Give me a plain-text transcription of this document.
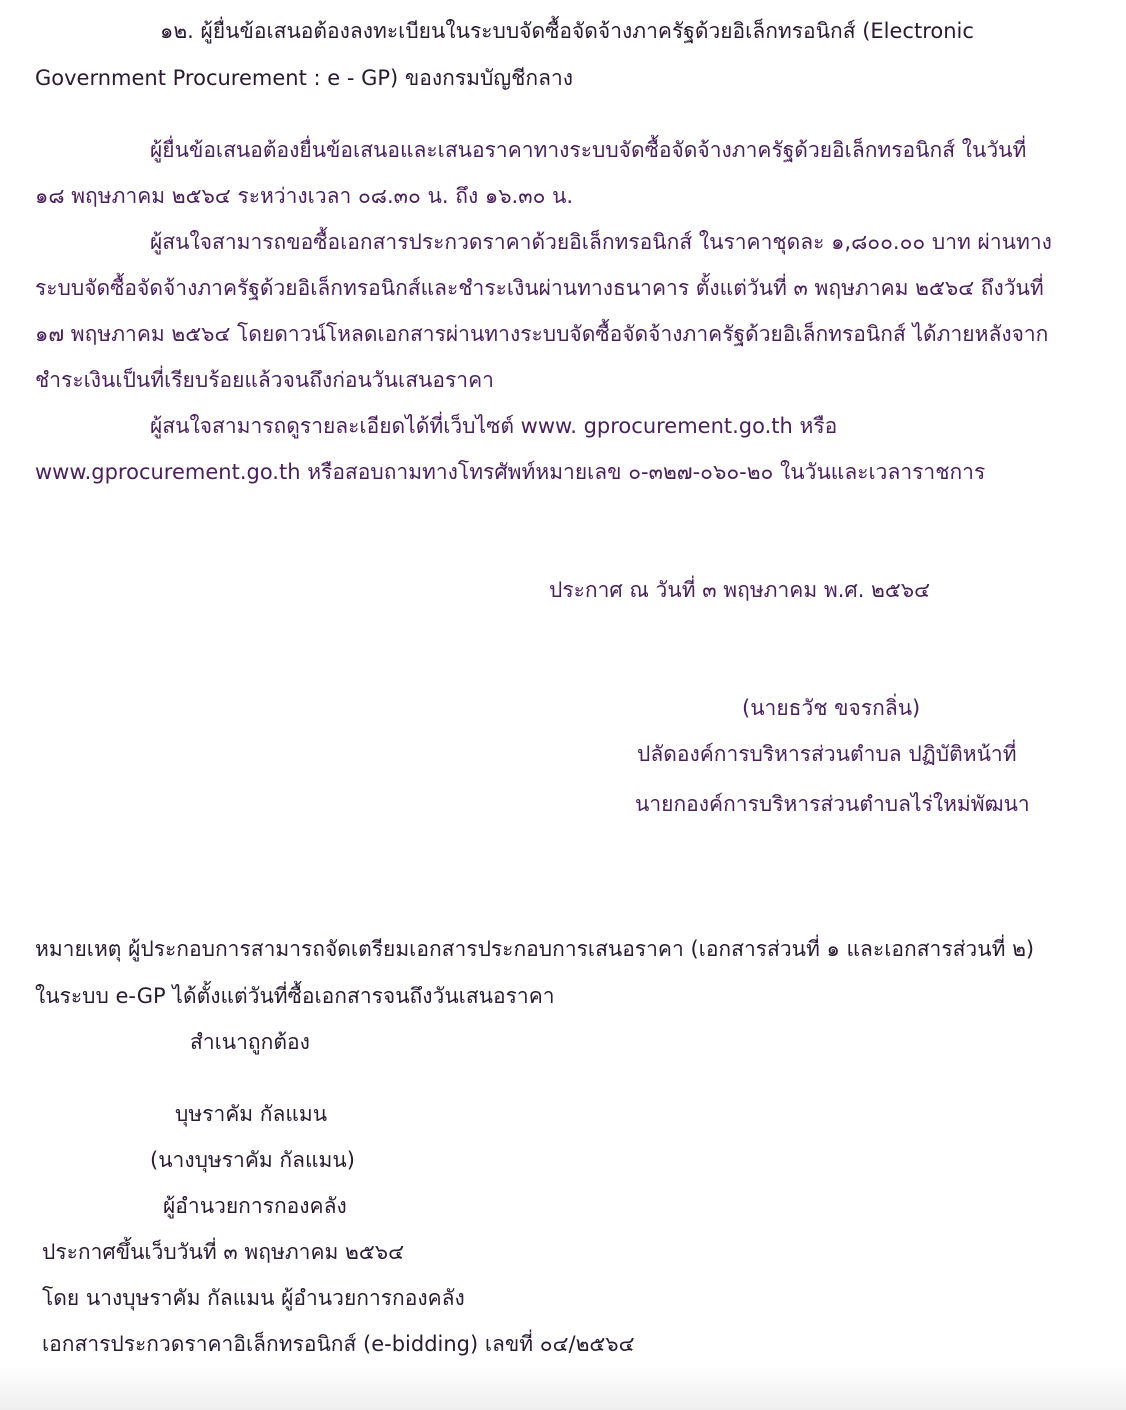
๑๒. ผู้ยื่นข้อเสนอต้องลงทะเบียนในระบบจัดซื้อจัดจ้างภาครัฐด้วยอิเล็กทรอนิกส์ (Electronic
Government Procurement : e - GP) ของกรมบัญชีกลาง
ผู้ยื่นข้อเสนอต้องยื่นข้อเสนอและเสนอราคาทางระบบจัดซื้อจัดจ้างภาครัฐด้วยอิเล็กทรอนิกส์ ในวันที่
๑๘ พฤษภาคม ๒๕๖๔ ระหว่างเวลา ๐๘.๓๐ น. ถึง ๑๖.๓๐ น.
ผู้สนใจสามารถขอซื้อเอกสารประกวดราคาด้วยอิเล็กทรอนิกส์ ในราคาชุดละ ๑,๘๐๐.๐๐ บาท ผ่านทาง
ระบบจัดซื้อจัดจ้างภาครัฐด้วยอิเล็กทรอนิกส์และชำระเงินผ่านทางธนาคาร ตั้งแต่วันที่ ๓ พฤษภาคม ๒๕๖๔ ถึงวันที่
๑๗ พฤษภาคม ๒๕๖๔ โดยดาวน์โหลดเอกสารผ่านทางระบบจัดซื้อจัดจ้างภาครัฐด้วยอิเล็กทรอนิกส์ ได้ภายหลังจาก
ชำระเงินเป็นที่เรียบร้อยแล้วจนถึงก่อนวันเสนอราคา
ผู้สนใจสามารถดูรายละเอียดได้ที่เว็บไซต์ www. gprocurement.go.th หรือ
www.gprocurement.go.th หรือสอบถามทางโทรศัพท์หมายเลข ๐-๓๒๗-๐๖๐-๒๐ ในวันและเวลาราชการ
ประกาศ ณ วันที่ ๓ พฤษภาคม พ.ศ. ๒๕๖๔
(นายธวัช ขจรกลิ่น)
ปลัดองค์การบริหารส่วนตำบล ปฏิบัติหน้าที่
นายกองค์การบริหารส่วนตำบลไร่ใหม่พัฒนา
หมายเหตุ ผู้ประกอบการสามารถจัดเตรียมเอกสารประกอบการเสนอราคา (เอกสารส่วนที่ ๑ และเอกสารส่วนที่ ๒)
ในระบบ e-GP ได้ตั้งแต่วันที่ซื้อเอกสารจนถึงวันเสนอราคา
สำเนาถูกต้อง
บุษราคัม กัลแมน
(นางบุษราคัม กัลแมน)
ผู้อำนวยการกองคลัง
ประกาศขึ้นเว็บวันที่ ๓ พฤษภาคม ๒๕๖๔
โดย นางบุษราคัม กัลแมน ผู้อำนวยการกองคลัง
เอกสารประกวดราคาอิเล็กทรอนิกส์ (e-bidding) เลขที่ ๐๔/๒๕๖๔
